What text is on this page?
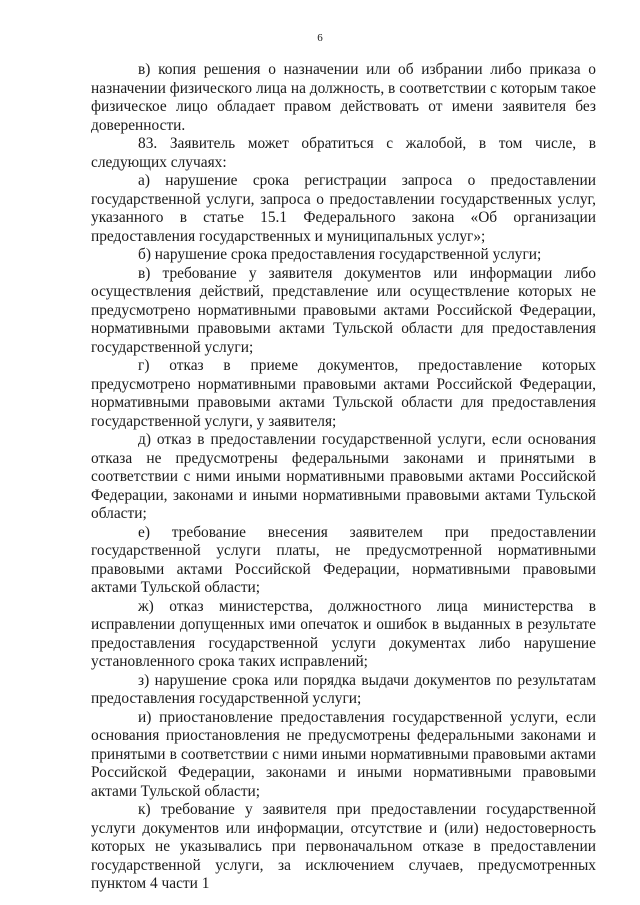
6

в) копия решения о назначении или об избрании либо приказа о назначении физического лица на должность, в соответствии с которым такое физическое лицо обладает правом действовать от имени заявителя без доверенности.

83. Заявитель может обратиться с жалобой, в том числе, в следующих случаях:

а) нарушение срока регистрации запроса о предоставлении государственной услуги, запроса о предоставлении государственных услуг, указанного в статье 15.1 Федерального закона «Об организации предоставления государственных и муниципальных услуг»;

б) нарушение срока предоставления государственной услуги;

в) требование у заявителя документов или информации либо осуществления действий, представление или осуществление которых не предусмотрено нормативными правовыми актами Российской Федерации, нормативными правовыми актами Тульской области для предоставления государственной услуги;

г) отказ в приеме документов, предоставление которых предусмотрено нормативными правовыми актами Российской Федерации, нормативными правовыми актами Тульской области для предоставления государственной услуги, у заявителя;

д) отказ в предоставлении государственной услуги, если основания отказа не предусмотрены федеральными законами и принятыми в соответствии с ними иными нормативными правовыми актами Российской Федерации, законами и иными нормативными правовыми актами Тульской области;

е) требование внесения заявителем при предоставлении государственной услуги платы, не предусмотренной нормативными правовыми актами Российской Федерации, нормативными правовыми актами Тульской области;

ж) отказ министерства, должностного лица министерства в исправлении допущенных ими опечаток и ошибок в выданных в результате предоставления государственной услуги документах либо нарушение установленного срока таких исправлений;

з) нарушение срока или порядка выдачи документов по результатам предоставления государственной услуги;

и) приостановление предоставления государственной услуги, если основания приостановления не предусмотрены федеральными законами и принятыми в соответствии с ними иными нормативными правовыми актами Российской Федерации, законами и иными нормативными правовыми актами Тульской области;

к) требование у заявителя при предоставлении государственной услуги документов или информации, отсутствие и (или) недостоверность которых не указывались при первоначальном отказе в предоставлении государственной услуги, за исключением случаев, предусмотренных пунктом 4 части 1
